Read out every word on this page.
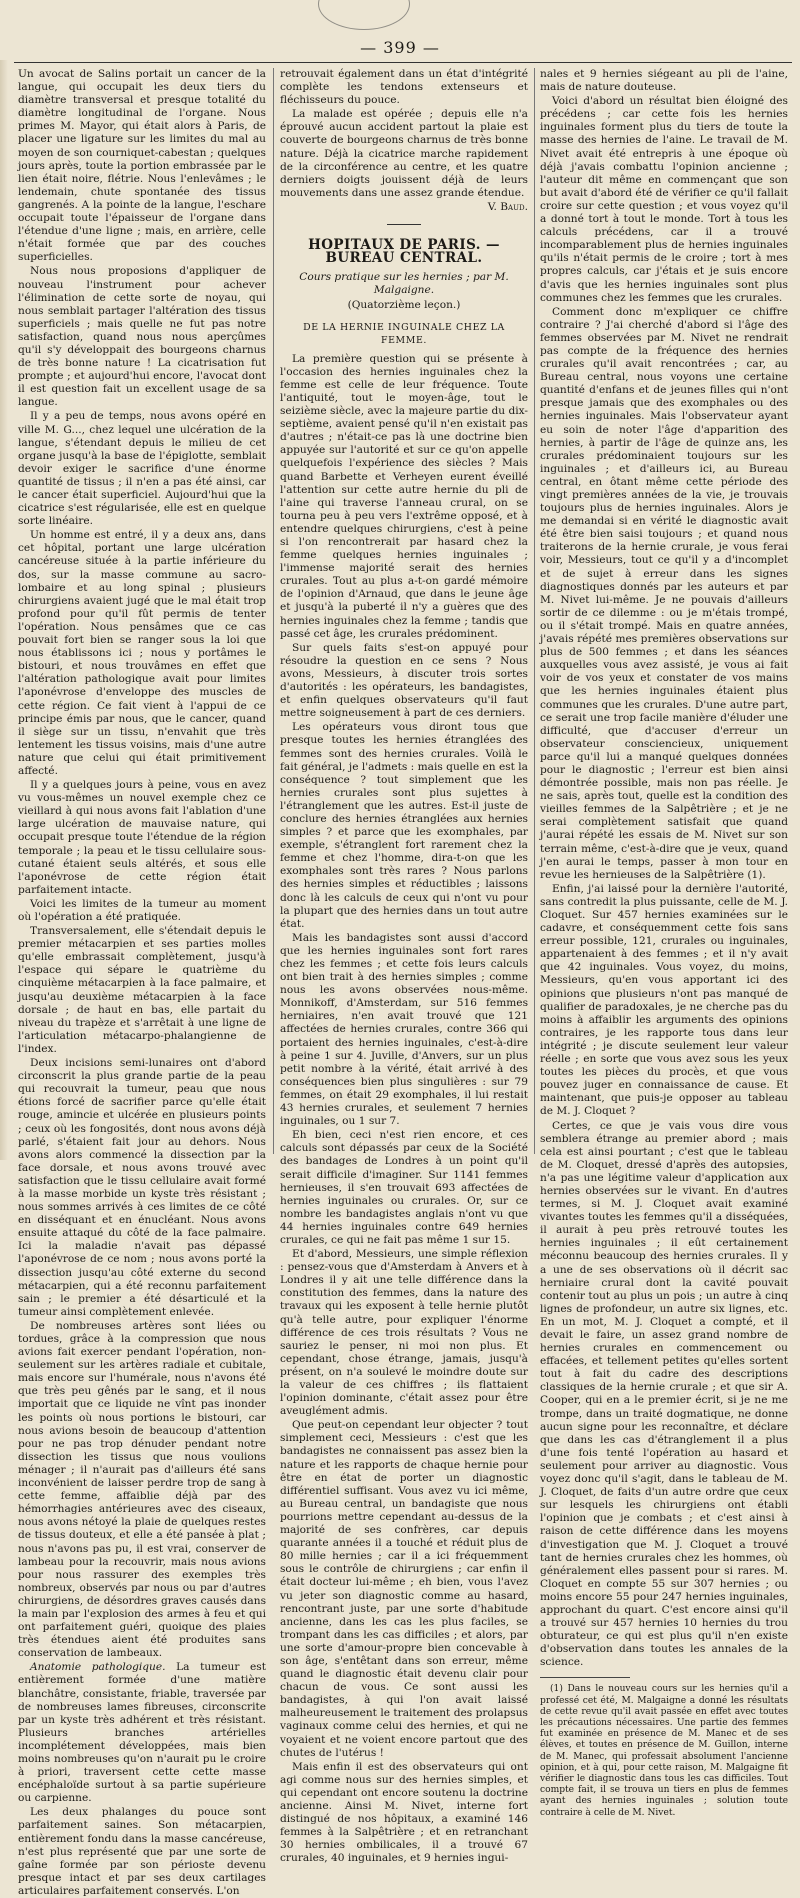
— 399 —

Un avocat de Salins portait un cancer de la langue, qui occupait les deux tiers du diamètre transversal et presque totalité du diamètre longitudinal de l'organe. Nous primes M. Mayor, qui était alors à Paris, de placer une ligature sur les limites du mal au moyen de son courniquet-cabestan ; quelques jours après, toute la portion embrassée par le lien était noire, flétrie. Nous l'enlevâmes ; le lendemain, chute spontanée des tissus gangrenés. A la pointe de la langue, l'eschare occupait toute l'épaisseur de l'organe dans l'étendue d'une ligne ; mais, en arrière, celle n'était formée que par des couches superficielles.

Nous nous proposions d'appliquer de nouveau l'instrument pour achever l'élimination de cette sorte de noyau, qui nous semblait partager l'altération des tissus superficiels ; mais quelle ne fut pas notre satisfaction, quand nous nous aperçûmes qu'il s'y développait des bourgeons charnus de très bonne nature ! La cicatrisation fut prompte ; et aujourd'hui encore, l'avocat dont il est question fait un excellent usage de sa langue.

Il y a peu de temps, nous avons opéré en ville M. G..., chez lequel une ulcération de la langue, s'étendant depuis le milieu de cet organe jusqu'à la base de l'épiglotte, semblait devoir exiger le sacrifice d'une énorme quantité de tissus ; il n'en a pas été ainsi, car le cancer était superficiel. Aujourd'hui que la cicatrice s'est régularisée, elle est en quelque sorte linéaire.

Un homme est entré, il y a deux ans, dans cet hôpital, portant une large ulcération cancéreuse située à la partie inférieure du dos, sur la masse commune au sacro-lombaire et au long spinal ; plusieurs chirurgiens avaient jugé que le mal était trop profond pour qu'il fût permis de tenter l'opération. Nous pensâmes que ce cas pouvait fort bien se ranger sous la loi que nous établissons ici ; nous y portâmes le bistouri, et nous trouvâmes en effet que l'altération pathologique avait pour limites l'aponévrose d'enveloppe des muscles de cette région. Ce fait vient à l'appui de ce principe émis par nous, que le cancer, quand il siège sur un tissu, n'envahit que très lentement les tissus voisins, mais d'une autre nature que celui qui était primitivement affecté.

Il y a quelques jours à peine, vous en avez vu vous-mêmes un nouvel exemple chez ce vieillard à qui nous avons fait l'ablation d'une large ulcération de mauvaise nature, qui occupait presque toute l'étendue de la région temporale ; la peau et le tissu cellulaire sous-cutané étaient seuls altérés, et sous elle l'aponévrose de cette région était parfaitement intacte.

Voici les limites de la tumeur au moment où l'opération a été pratiquée.

Transversalement, elle s'étendait depuis le premier métacarpien et ses parties molles qu'elle embrassait complètement, jusqu'à l'espace qui sépare le quatrième du cinquième métacarpien à la face palmaire, et jusqu'au deuxième métacarpien à la face dorsale ; de haut en bas, elle partait du niveau du trapèze et s'arrêtait à une ligne de l'articulation métacarpo-phalangienne de l'index.

Deux incisions semi-lunaires ont d'abord circonscrit la plus grande partie de la peau qui recouvrait la tumeur, peau que nous étions forcé de sacrifier parce qu'elle était rouge, amincie et ulcérée en plusieurs points ; ceux où les fongosités, dont nous avons déjà parlé, s'étaient fait jour au dehors. Nous avons alors commencé la dissection par la face dorsale, et nous avons trouvé avec satisfaction que le tissu cellulaire avait formé à la masse morbide un kyste très résistant ; nous sommes arrivés à ces limites de ce côté en disséquant et en énucléant. Nous avons ensuite attaqué du côté de la face palmaire. Ici la maladie n'avait pas dépassé l'aponévrose de ce nom ; nous avons porté la dissection jusqu'au côté externe du second métacarpien, qui a été reconnu parfaitement sain ; le premier a été désarticulé et la tumeur ainsi complètement enlevée.

De nombreuses artères sont liées ou tordues, grâce à la compression que nous avions fait exercer pendant l'opération, non-seulement sur les artères radiale et cubitale, mais encore sur l'humérale, nous n'avons été que très peu gênés par le sang, et il nous importait que ce liquide ne vînt pas inonder les points où nous portions le bistouri, car nous avions besoin de beaucoup d'attention pour ne pas trop dénuder pendant notre dissection les tissus que nous voulions ménager ; il n'aurait pas d'ailleurs été sans inconvénient de laisser perdre trop de sang à cette femme, affaiblie déjà par des hémorrhagies antérieures avec des ciseaux, nous avons nétoyé la plaie de quelques restes de tissus douteux, et elle a été pansée à plat ; nous n'avons pas pu, il est vrai, conserver de lambeau pour la recouvrir, mais nous avions pour nous rassurer des exemples très nombreux, observés par nous ou par d'autres chirurgiens, de désordres graves causés dans la main par l'explosion des armes à feu et qui ont parfaitement guéri, quoique des plaies très étendues aient été produites sans conservation de lambeaux.

Anatomie pathologique. La tumeur est entièrement formée d'une matière blanchâtre, consistante, friable, traversée par de nombreuses lames fibreuses, circonscrite par un kyste très adhérent et très résistant. Plusieurs branches artérielles incomplétement développées, mais bien moins nombreuses qu'on n'aurait pu le croire à priori, traversent cette cette masse encéphaloïde surtout à sa partie supérieure ou carpienne.

Les deux phalanges du pouce sont parfaitement saines. Son métacarpien, entièrement fondu dans la masse cancéreuse, n'est plus représenté que par une sorte de gaîne formée par son périoste devenu presque intact et par ses deux cartilages articulaires parfaitement conservés. L'on

retrouvait également dans un état d'intégrité complète les tendons extenseurs et fléchisseurs du pouce.

La malade est opérée ; depuis elle n'a éprouvé aucun accident partout la plaie est couverte de bourgeons charnus de très bonne nature. Déjà la cicatrice marche rapidement de la circonférence au centre, et les quatre derniers doigts jouissent déjà de leurs mouvements dans une assez grande étendue.

V. Baud.
HOPITAUX DE PARIS. — BUREAU CENTRAL.
Cours pratique sur les hernies ; par M. Malgaigne.
(Quatorzième leçon.)
DE LA HERNIE INGUINALE CHEZ LA FEMME.

La première question qui se présente à l'occasion des hernies inguinales chez la femme est celle de leur fréquence. Toute l'antiquité, tout le moyen-âge, tout le seizième siècle, avec la majeure partie du dix-septième, avaient pensé qu'il n'en existait pas d'autres ; n'était-ce pas là une doctrine bien appuyée sur l'autorité et sur ce qu'on appelle quelquefois l'expérience des siècles ? Mais quand Barbette et Verheyen eurent éveillé l'attention sur cette autre hernie du pli de l'aine qui traverse l'anneau crural, on se tourna peu à peu vers l'extrême opposé, et à entendre quelques chirurgiens, c'est à peine si l'on rencontrerait par hasard chez la femme quelques hernies inguinales ; l'immense majorité serait des hernies crurales. Tout au plus a-t-on gardé mémoire de l'opinion d'Arnaud, que dans le jeune âge et jusqu'à la puberté il n'y a guères que des hernies inguinales chez la femme ; tandis que passé cet âge, les crurales prédominent.

Sur quels faits s'est-on appuyé pour résoudre la question en ce sens ? Nous avons, Messieurs, à discuter trois sortes d'autorités : les opérateurs, les bandagistes, et enfin quelques observateurs qu'il faut mettre soigneusement à part de ces derniers.

Les opérateurs vous diront tous que presque toutes les hernies étranglées des femmes sont des hernies crurales. Voilà le fait général, je l'admets : mais quelle en est la conséquence ? tout simplement que les hernies crurales sont plus sujettes à l'étranglement que les autres. Est-il juste de conclure des hernies étranglées aux hernies simples ? et parce que les exomphales, par exemple, s'étranglent fort rarement chez la femme et chez l'homme, dira-t-on que les exomphales sont très rares ? Nous parlons des hernies simples et réductibles ; laissons donc là les calculs de ceux qui n'ont vu pour la plupart que des hernies dans un tout autre état.

Mais les bandagistes sont aussi d'accord que les hernies inguinales sont fort rares chez les femmes ; et cette fois leurs calculs ont bien trait à des hernies simples ; comme nous les avons observées nous-même. Monnikoff, d'Amsterdam, sur 516 femmes herniaires, n'en avait trouvé que 121 affectées de hernies crurales, contre 366 qui portaient des hernies inguinales, c'est-à-dire à peine 1 sur 4. Juville, d'Anvers, sur un plus petit nombre à la vérité, était arrivé à des conséquences bien plus singulières : sur 79 femmes, on était 29 exomphales, il lui restait 43 hernies crurales, et seulement 7 hernies inguinales, ou 1 sur 7.

Eh bien, ceci n'est rien encore, et ces calculs sont dépassés par ceux de la Société des bandages de Londres à un point qu'il serait difficile d'imaginer. Sur 1141 femmes hernieuses, il s'en trouvait 693 affectées de hernies inguinales ou crurales. Or, sur ce nombre les bandagistes anglais n'ont vu que 44 hernies inguinales contre 649 hernies crurales, ce qui ne fait pas même 1 sur 15.

Et d'abord, Messieurs, une simple réflexion : pensez-vous que d'Amsterdam à Anvers et à Londres il y ait une telle différence dans la constitution des femmes, dans la nature des travaux qui les exposent à telle hernie plutôt qu'à telle autre, pour expliquer l'énorme différence de ces trois résultats ? Vous ne sauriez le penser, ni moi non plus. Et cependant, chose étrange, jamais, jusqu'à présent, on n'a soulevé le moindre doute sur la valeur de ces chiffres ; ils flattaient l'opinion dominante, c'était assez pour être aveuglément admis.

Que peut-on cependant leur objecter ? tout simplement ceci, Messieurs : c'est que les bandagistes ne connaissent pas assez bien la nature et les rapports de chaque hernie pour être en état de porter un diagnostic différentiel suffisant. Vous avez vu ici même, au Bureau central, un bandagiste que nous pourrions mettre cependant au-dessus de la majorité de ses confrères, car depuis quarante années il a touché et réduit plus de 80 mille hernies ; car il a ici fréquemment sous le contrôle de chirurgiens ; car enfin il était docteur lui-même ; eh bien, vous l'avez vu jeter son diagnostic comme au hasard, rencontrant juste, par une sorte d'habitude ancienne, dans les cas les plus faciles, se trompant dans les cas difficiles ; et alors, par une sorte d'amour-propre bien concevable à son âge, s'entêtant dans son erreur, même quand le diagnostic était devenu clair pour chacun de vous. Ce sont aussi les bandagistes, à qui l'on avait laissé malheureusement le traitement des prolapsus vaginaux comme celui des hernies, et qui ne voyaient et ne voient encore partout que des chutes de l'utérus !

Mais enfin il est des observateurs qui ont agi comme nous sur des hernies simples, et qui cependant ont encore soutenu la doctrine ancienne. Ainsi M. Nivet, interne fort distingué de nos hôpitaux, a examiné 146 femmes à la Salpêtrière ; et en retranchant 30 hernies ombilicales, il a trouvé 67 crurales, 40 inguinales, et 9 hernies ingui-

nales et 9 hernies siégeant au pli de l'aine, mais de nature douteuse.

Voici d'abord un résultat bien éloigné des précédens ; car cette fois les hernies inguinales forment plus du tiers de toute la masse des hernies de l'aine. Le travail de M. Nivet avait été entrepris à une époque où déjà j'avais combattu l'opinion ancienne ; l'auteur dit même en commençant que son but avait d'abord été de vérifier ce qu'il fallait croire sur cette question ; et vous voyez qu'il a donné tort à tout le monde. Tort à tous les calculs précédens, car il a trouvé incomparablement plus de hernies inguinales qu'ils n'était permis de le croire ; tort à mes propres calculs, car j'étais et je suis encore d'avis que les hernies inguinales sont plus communes chez les femmes que les crurales.

Comment donc m'expliquer ce chiffre contraire ? J'ai cherché d'abord si l'âge des femmes observées par M. Nivet ne rendrait pas compte de la fréquence des hernies crurales qu'il avait rencontrées ; car, au Bureau central, nous voyons une certaine quantité d'enfans et de jeunes filles qui n'ont presque jamais que des exomphales ou des hernies inguinales. Mais l'observateur ayant eu soin de noter l'âge d'apparition des hernies, à partir de l'âge de quinze ans, les crurales prédominaient toujours sur les inguinales ; et d'ailleurs ici, au Bureau central, en ôtant même cette période des vingt premières années de la vie, je trouvais toujours plus de hernies inguinales. Alors je me demandai si en vérité le diagnostic avait été être bien saisi toujours ; et quand nous traiterons de la hernie crurale, je vous ferai voir, Messieurs, tout ce qu'il y a d'incomplet et de sujet à erreur dans les signes diagnostiques donnés par les auteurs et par M. Nivet lui-même. Je ne pouvais d'ailleurs sortir de ce dilemme : ou je m'étais trompé, ou il s'était trompé. Mais en quatre années, j'avais répété mes premières observations sur plus de 500 femmes ; et dans les séances auxquelles vous avez assisté, je vous ai fait voir de vos yeux et constater de vos mains que les hernies inguinales étaient plus communes que les crurales. D'une autre part, ce serait une trop facile manière d'éluder une difficulté, que d'accuser d'erreur un observateur consciencieux, uniquement parce qu'il lui a manqué quelques données pour le diagnostic ; l'erreur est bien ainsi démontrée possible, mais non pas réelle. Je ne sais, après tout, quelle est la condition des vieilles femmes de la Salpêtrière ; et je ne serai complètement satisfait que quand j'aurai répété les essais de M. Nivet sur son terrain même, c'est-à-dire que je veux, quand j'en aurai le temps, passer à mon tour en revue les hernieuses de la Salpêtrière (1).

Enfin, j'ai laissé pour la dernière l'autorité, sans contredit la plus puissante, celle de M. J. Cloquet. Sur 457 hernies examinées sur le cadavre, et conséquemment cette fois sans erreur possible, 121, crurales ou inguinales, appartenaient à des femmes ; et il n'y avait que 42 inguinales. Vous voyez, du moins, Messieurs, qu'en vous apportant ici des opinions que plusieurs n'ont pas manqué de qualifier de paradoxales, je ne cherche pas du moins à affaiblir les arguments des opinions contraires, je les rapporte tous dans leur intégrité ; je discute seulement leur valeur réelle ; en sorte que vous avez sous les yeux toutes les pièces du procès, et que vous pouvez juger en connaissance de cause. Et maintenant, que puis-je opposer au tableau de M. J. Cloquet ?

Certes, ce que je vais vous dire vous semblera étrange au premier abord ; mais cela est ainsi pourtant ; c'est que le tableau de M. Cloquet, dressé d'après des autopsies, n'a pas une légitime valeur d'application aux hernies observées sur le vivant. En d'autres termes, si M. J. Cloquet avait examiné vivantes toutes les femmes qu'il a disséquées, il aurait à peu près retrouvé toutes les hernies inguinales ; il eût certainement méconnu beaucoup des hernies crurales. Il y a une de ses observations où il décrit sac herniaire crural dont la cavité pouvait contenir tout au plus un pois ; un autre à cinq lignes de profondeur, un autre six lignes, etc. En un mot, M. J. Cloquet a compté, et il devait le faire, un assez grand nombre de hernies crurales en commencement ou effacées, et tellement petites qu'elles sortent tout à fait du cadre des descriptions classiques de la hernie crurale ; et que sir A. Cooper, qui en a le premier écrit, si je ne me trompe, dans un traité dogmatique, ne donne aucun signe pour les reconnaître, et déclare que dans les cas d'étranglement il a plus d'une fois tenté l'opération au hasard et seulement pour arriver au diagnostic. Vous voyez donc qu'il s'agit, dans le tableau de M. J. Cloquet, de faits d'un autre ordre que ceux sur lesquels les chirurgiens ont établi l'opinion que je combats ; et c'est ainsi à raison de cette différence dans les moyens d'investigation que M. J. Cloquet a trouvé tant de hernies crurales chez les hommes, où généralement elles passent pour si rares. M. Cloquet en compte 55 sur 307 hernies ; ou moins encore 55 pour 247 hernies inguinales, approchant du quart. C'est encore ainsi qu'il a trouvé sur 457 hernies 10 hernies du trou obturateur, ce qui est plus qu'il n'en existe d'observation dans toutes les annales de la science.

(1) Dans le nouveau cours sur les hernies qu'il a professé cet été, M. Malgaigne a donné les résultats de cette revue qu'il avait passée en effet avec toutes les précautions nécessaires. Une partie des femmes fut examinée en présence de M. Manec et de ses élèves, et toutes en présence de M. Guillon, interne de M. Manec, qui professait absolument l'ancienne opinion, et à qui, pour cette raison, M. Malgaigne fit vérifier le diagnostic dans tous les cas difficiles. Tout compte fait, il se trouva un tiers en plus de femmes ayant des hernies inguinales ; solution toute contraire à celle de M. Nivet.
